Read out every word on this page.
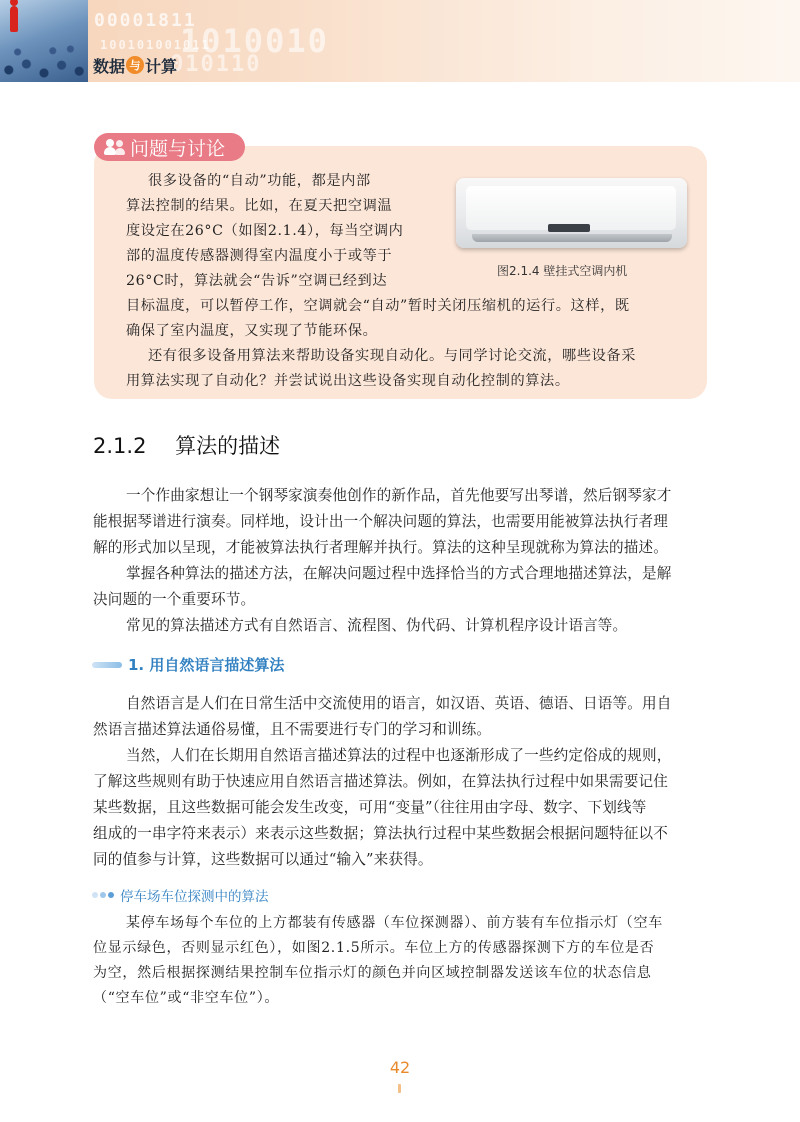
00001811
1010010
100101001011
010110
数据 与 计算
问题与讨论
很多设备的“自动”功能，都是内部
算法控制的结果。比如，在夏天把空调温
度设定在26°C（如图2.1.4），每当空调内
部的温度传感器测得室内温度小于或等于
26°C时，算法就会“告诉”空调已经到达
目标温度，可以暂停工作，空调就会“自动”暂时关闭压缩机的运行。这样，既
确保了室内温度，又实现了节能环保。
还有很多设备用算法来帮助设备实现自动化。与同学讨论交流，哪些设备采
用算法实现了自动化？并尝试说出这些设备实现自动化控制的算法。
图2.1.4 壁挂式空调内机
2.1.2 算法的描述
一个作曲家想让一个钢琴家演奏他创作的新作品，首先他要写出琴谱，然后钢琴家才
能根据琴谱进行演奏。同样地，设计出一个解决问题的算法，也需要用能被算法执行者理
解的形式加以呈现，才能被算法执行者理解并执行。算法的这种呈现就称为算法的描述。
掌握各种算法的描述方法，在解决问题过程中选择恰当的方式合理地描述算法，是解
决问题的一个重要环节。
常见的算法描述方式有自然语言、流程图、伪代码、计算机程序设计语言等。
1. 用自然语言描述算法
自然语言是人们在日常生活中交流使用的语言，如汉语、英语、德语、日语等。用自
然语言描述算法通俗易懂，且不需要进行专门的学习和训练。
当然，人们在长期用自然语言描述算法的过程中也逐渐形成了一些约定俗成的规则，
了解这些规则有助于快速应用自然语言描述算法。例如，在算法执行过程中如果需要记住
某些数据，且这些数据可能会发生改变，可用“变量”（往往用由字母、数字、下划线等
组成的一串字符来表示）来表示这些数据；算法执行过程中某些数据会根据问题特征以不
同的值参与计算，这些数据可以通过“输入”来获得。
停车场车位探测中的算法
某停车场每个车位的上方都装有传感器（车位探测器）、前方装有车位指示灯（空车
位显示绿色，否则显示红色），如图2.1.5所示。车位上方的传感器探测下方的车位是否
为空，然后根据探测结果控制车位指示灯的颜色并向区域控制器发送该车位的状态信息
（“空车位”或“非空车位”）。
42
